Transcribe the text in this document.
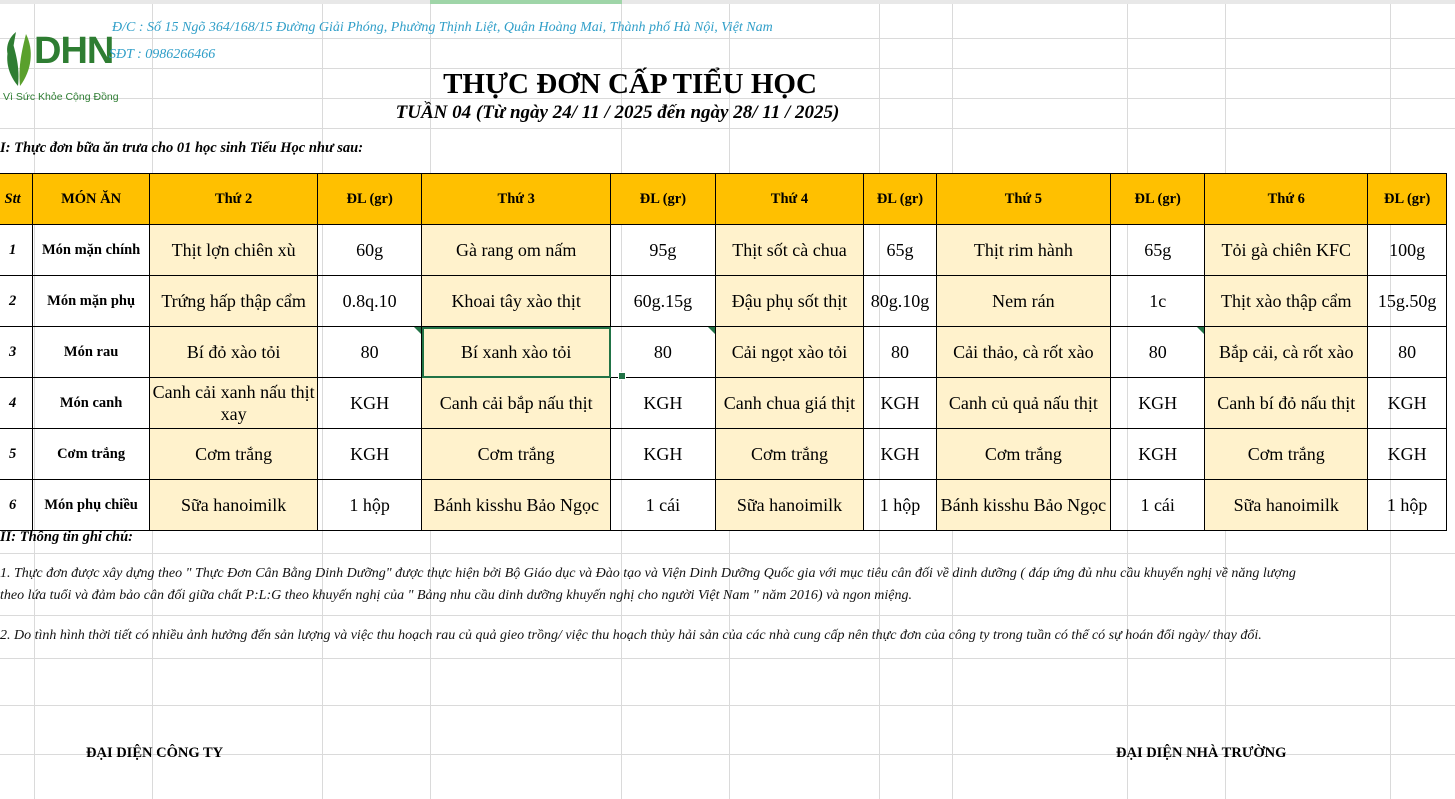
DHN
Vì Sức Khỏe Cộng Đồng
Đ/C : Số 15 Ngõ 364/168/15 Đường Giải Phóng, Phường Thịnh Liệt, Quận Hoàng Mai, Thành phố Hà Nội, Việt Nam
SĐT : 0986266466
THỰC ĐƠN CẤP TIỂU HỌC
TUẦN 04 (Từ ngày 24/ 11 / 2025 đến ngày 28/ 11 / 2025)
I: Thực đơn bữa ăn trưa cho 01 học sinh Tiểu Học như sau:
Stt	MÓN ĂN	Thứ 2	ĐL (gr)	Thứ 3	ĐL (gr)	Thứ 4	ĐL (gr)	Thứ 5	ĐL (gr)	Thứ 6	ĐL (gr)
1	Món mặn chính	Thịt lợn chiên xù	60g	Gà rang om nấm	95g	Thịt sốt cà chua	65g	Thịt rim hành	65g	Tỏi gà chiên KFC	100g
2	Món mặn phụ	Trứng hấp thập cẩm	0.8q.10	Khoai tây xào thịt	60g.15g	Đậu phụ sốt thịt	80g.10g	Nem rán	1c	Thịt xào thập cẩm	15g.50g
3	Món rau	Bí đỏ xào tỏi	80	Bí xanh xào tỏi	80	Cải ngọt xào tỏi	80	Cải thảo, cà rốt xào	80	Bắp cải, cà rốt xào	80
4	Món canh	Canh cải xanh nấu thịt xay	KGH	Canh cải bắp nấu thịt	KGH	Canh chua giá thịt	KGH	Canh củ quả nấu thịt	KGH	Canh bí đỏ nấu thịt	KGH
5	Cơm trắng	Cơm trắng	KGH	Cơm trắng	KGH	Cơm trắng	KGH	Cơm trắng	KGH	Cơm trắng	KGH
6	Món phụ chiều	Sữa hanoimilk	1 hộp	Bánh kisshu Bảo Ngọc	1 cái	Sữa hanoimilk	1 hộp	Bánh kisshu Bảo Ngọc	1 cái	Sữa hanoimilk	1 hộp
II: Thông tin ghi chú:
1. Thực đơn được xây dựng theo " Thực Đơn Cân Bằng Dinh Dưỡng" được thực hiện bởi Bộ Giáo dục và Đào tạo và Viện Dinh Dưỡng Quốc gia với mục tiêu cân đối về dinh dưỡng ( đáp ứng đủ nhu cầu khuyến nghị về năng lượng
theo lứa tuổi và đảm bảo cân đối giữa chất P:L:G theo khuyến nghị của " Bảng nhu cầu dinh dưỡng khuyến nghị cho người Việt Nam " năm 2016) và ngon miệng.
2. Do tình hình thời tiết có nhiều ảnh hưởng đến sản lượng và việc thu hoạch rau củ quả gieo trồng/ việc thu hoạch thủy hải sản của các nhà cung cấp nên thực đơn của công ty trong tuần có thể có sự hoán đổi ngày/ thay đổi.
ĐẠI DIỆN CÔNG TY	ĐẠI DIỆN NHÀ TRƯỜNG
